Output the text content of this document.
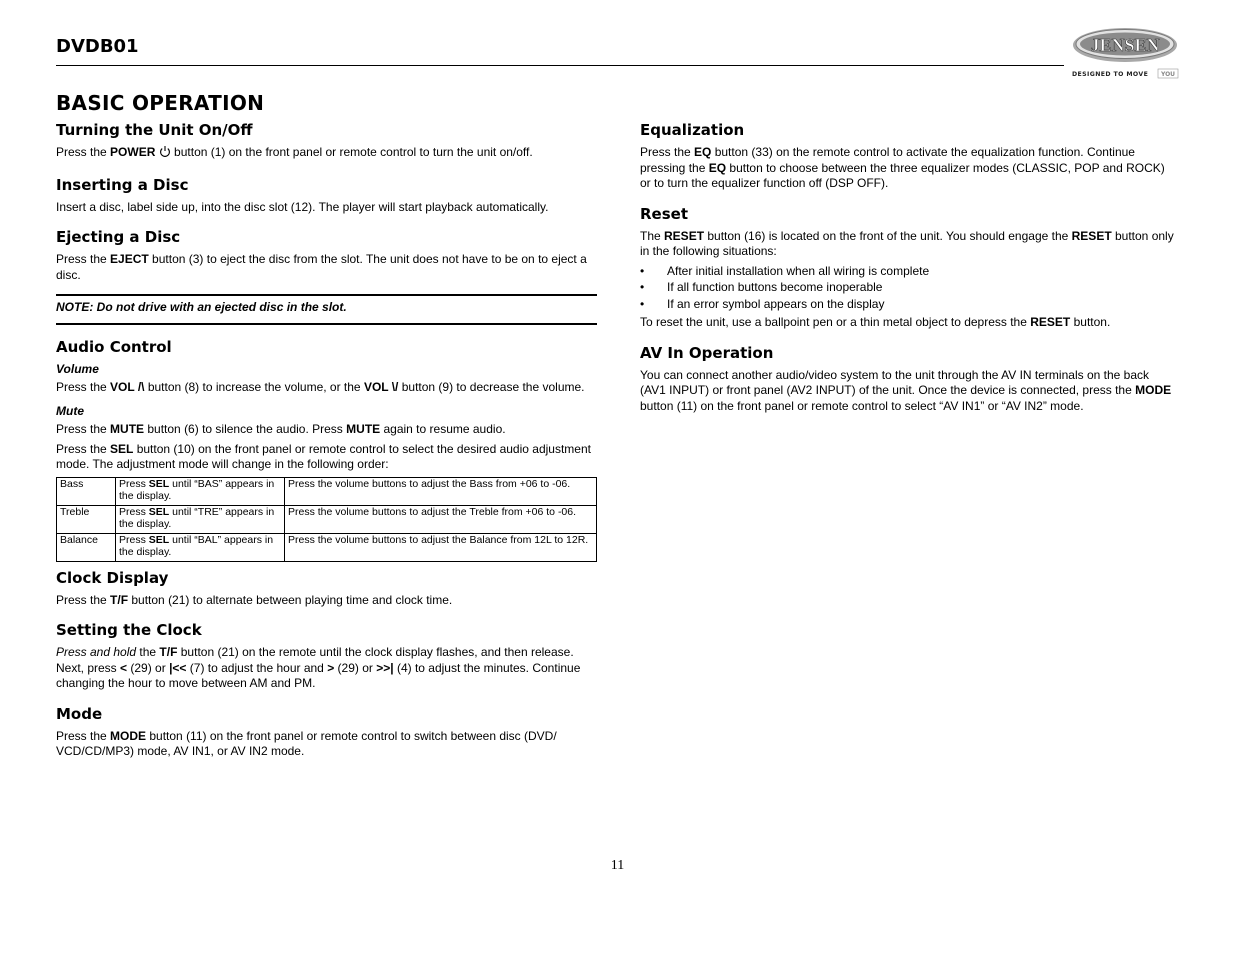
DVDB01	JENSEN
DESIGNED TO MOVE YOU
BASIC OPERATION
Turning the Unit On/Off

Press the POWER  button (1) on the front panel or remote control to turn the unit on/off.

Inserting a Disc

Insert a disc, label side up, into the disc slot (12). The player will start playback automatically.

Ejecting a Disc

Press the EJECT button (3) to eject the disc from the slot. The unit does not have to be on to eject a disc.

NOTE: Do not drive with an ejected disc in the slot.
Audio Control
Volume

Press the VOL /\ button (8) to increase the volume, or the VOL \/ button (9) to decrease the volume.

Mute

Press the MUTE button (6) to silence the audio. Press MUTE again to resume audio.

Press the SEL button (10) on the front panel or remote control to select the desired audio adjustment mode. The adjustment mode will change in the following order:

Bass	Press SEL until “BAS” appears in the display.	Press the volume buttons to adjust the Bass from +06 to -06.
Treble	Press SEL until “TRE” appears in the display.	Press the volume buttons to adjust the Treble from +06 to -06.
Balance	Press SEL until “BAL” appears in the display.	Press the volume buttons to adjust the Balance from 12L to 12R.
Clock Display

Press the T/F button (21) to alternate between playing time and clock time.

Setting the Clock

Press and hold the T/F button (21) on the remote until the clock display flashes, and then release. Next, press < (29) or |<< (7) to adjust the hour and > (29) or >>| (4) to adjust the minutes. Continue changing the hour to move between AM and PM.

Mode

Press the MODE button (11) on the front panel or remote control to switch between disc (DVD/ VCD/CD/MP3) mode, AV IN1, or AV IN2 mode.

Equalization

Press the EQ button (33) on the remote control to activate the equalization function. Continue pressing the EQ button to choose between the three equalizer modes (CLASSIC, POP and ROCK) or to turn the equalizer function off (DSP OFF).

Reset

The RESET button (16) is located on the front of the unit. You should engage the RESET button only in the following situations:

• After initial installation when all wiring is complete
• If all function buttons become inoperable
• If an error symbol appears on the display

To reset the unit, use a ballpoint pen or a thin metal object to depress the RESET button.

AV In Operation

You can connect another audio/video system to the unit through the AV IN terminals on the back (AV1 INPUT) or front panel (AV2 INPUT) of the unit. Once the device is connected, press the MODE button (11) on the front panel or remote control to select “AV IN1” or “AV IN2” mode.

11
